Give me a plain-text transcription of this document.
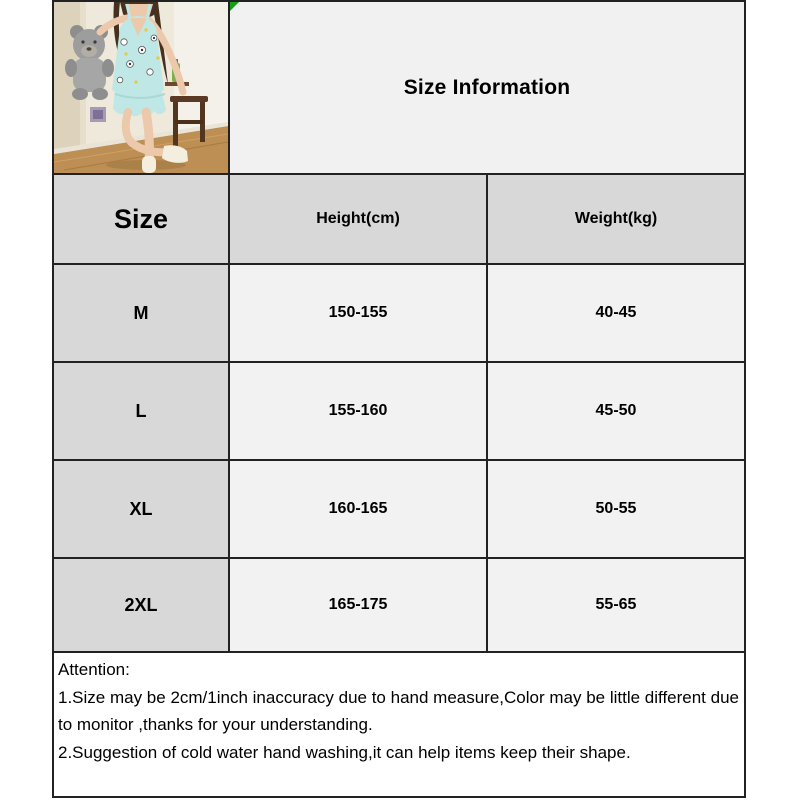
Size Information
Size	Height(cm)	Weight(kg)
M	150-155	40-45
L	155-160	45-50
XL	160-165	50-55
2XL	165-175	55-65
Attention:
1.Size may be 2cm/1inch inaccuracy due to hand measure,Color may be little different due to monitor ,thanks for your understanding.
2.Suggestion of cold water hand washing,it can help items keep their shape.
